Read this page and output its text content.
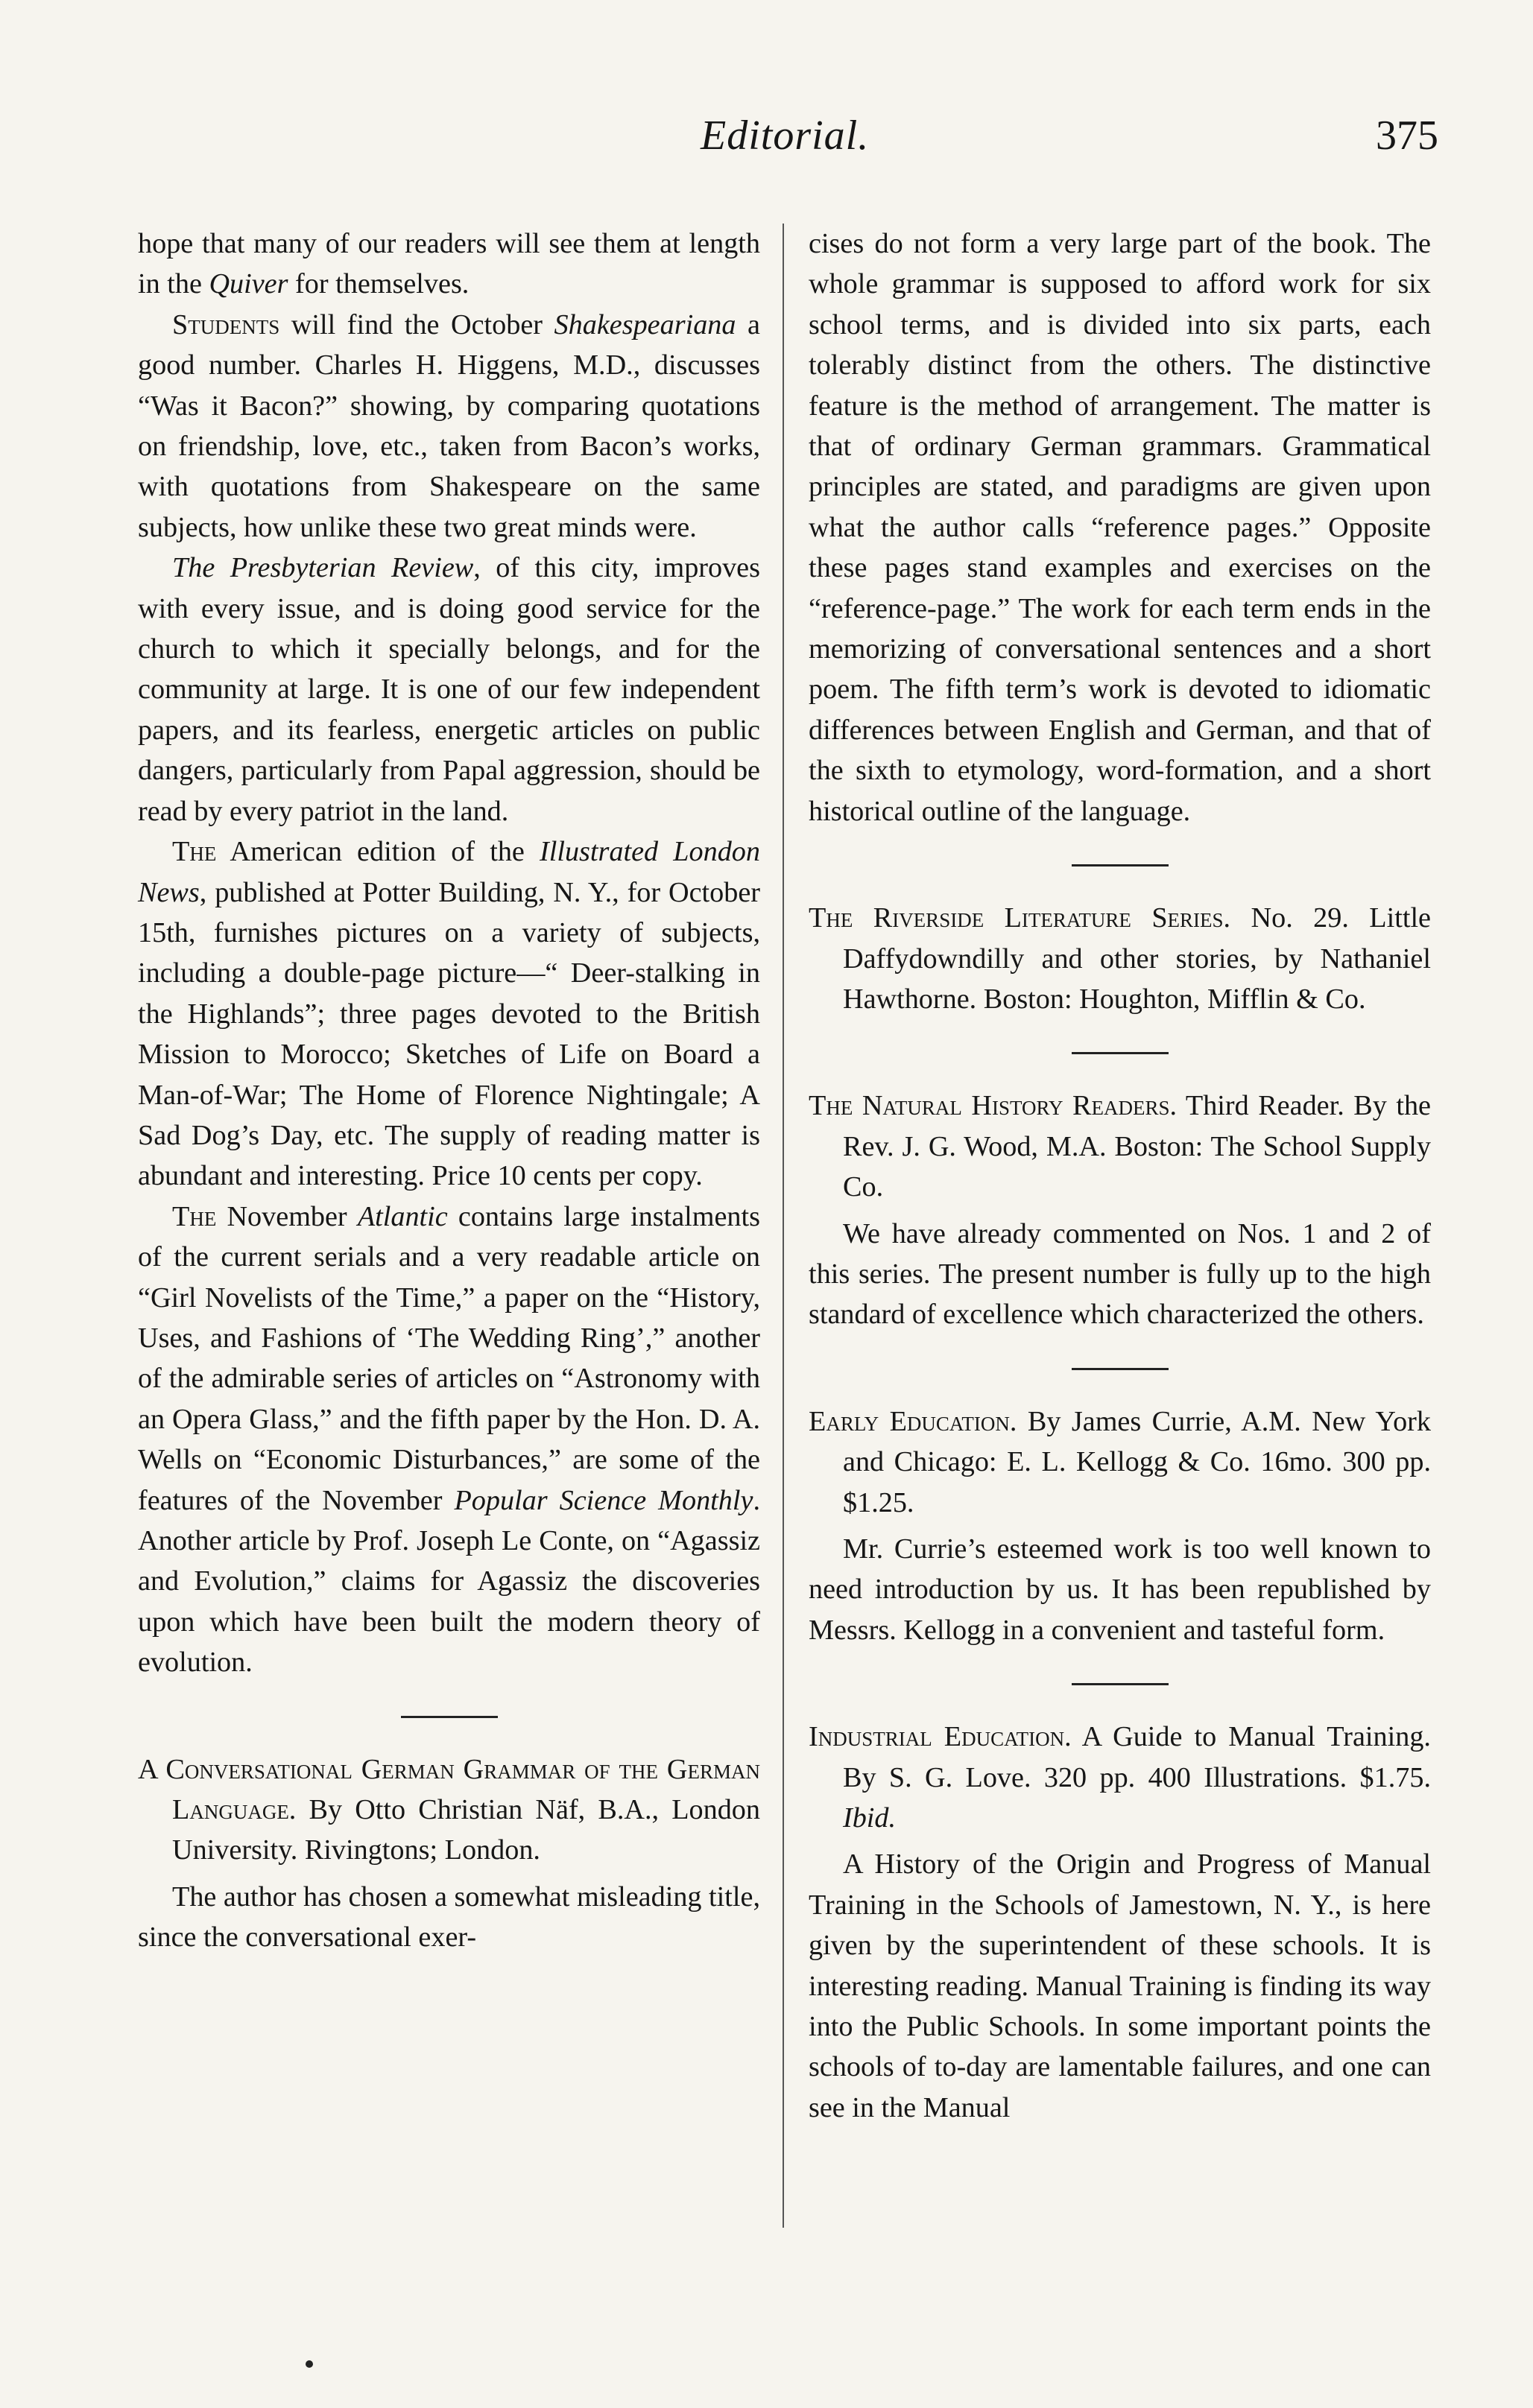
Editorial.	375

hope that many of our readers will see them at length in the Quiver for themselves.

Students will find the October Shakespeariana a good number. Charles H. Higgens, M.D., discusses “Was it Bacon?” showing, by comparing quotations on friendship, love, etc., taken from Bacon’s works, with quotations from Shakespeare on the same subjects, how unlike these two great minds were.

The Presbyterian Review, of this city, improves with every issue, and is doing good service for the church to which it specially belongs, and for the community at large. It is one of our few independent papers, and its fearless, energetic articles on public dangers, particularly from Papal aggression, should be read by every patriot in the land.

The American edition of the Illustrated London News, published at Potter Building, N. Y., for October 15th, furnishes pictures on a variety of subjects, including a double-page picture—“ Deer-stalking in the Highlands”; three pages devoted to the British Mission to Morocco; Sketches of Life on Board a Man-of-War; The Home of Florence Nightingale; A Sad Dog’s Day, etc. The supply of reading matter is abundant and interesting. Price 10 cents per copy.

The November Atlantic contains large instalments of the current serials and a very readable article on “Girl Novelists of the Time,” a paper on the “History, Uses, and Fashions of ‘The Wedding Ring’,” another of the admirable series of articles on “Astronomy with an Opera Glass,” and the fifth paper by the Hon. D. A. Wells on “Economic Disturbances,” are some of the features of the November Popular Science Monthly. Another article by Prof. Joseph Le Conte, on “Agassiz and Evolution,” claims for Agassiz the discoveries upon which have been built the modern theory of evolution.

A Conversational German Grammar of the German Language. By Otto Christian Näf, B.A., London University. Rivingtons; London.

The author has chosen a somewhat misleading title, since the conversational exer-

cises do not form a very large part of the book. The whole grammar is supposed to afford work for six school terms, and is divided into six parts, each tolerably distinct from the others. The distinctive feature is the method of arrangement. The matter is that of ordinary German grammars. Grammatical principles are stated, and paradigms are given upon what the author calls “reference pages.” Opposite these pages stand examples and exercises on the “reference-page.” The work for each term ends in the memorizing of conversational sentences and a short poem. The fifth term’s work is devoted to idiomatic differences between English and German, and that of the sixth to etymology, word-formation, and a short historical outline of the language.

The Riverside Literature Series. No. 29. Little Daffydowndilly and other stories, by Nathaniel Hawthorne. Boston: Houghton, Mifflin & Co.

The Natural History Readers. Third Reader. By the Rev. J. G. Wood, M.A. Boston: The School Supply Co.

We have already commented on Nos. 1 and 2 of this series. The present number is fully up to the high standard of excellence which characterized the others.

Early Education. By James Currie, A.M. New York and Chicago: E. L. Kellogg & Co. 16mo. 300 pp. $1.25.

Mr. Currie’s esteemed work is too well known to need introduction by us. It has been republished by Messrs. Kellogg in a convenient and tasteful form.

Industrial Education. A Guide to Manual Training. By S. G. Love. 320 pp. 400 Illustrations. $1.75. Ibid.

A History of the Origin and Progress of Manual Training in the Schools of Jamestown, N. Y., is here given by the superintendent of these schools. It is interesting reading. Manual Training is finding its way into the Public Schools. In some important points the schools of to-day are lamentable failures, and one can see in the Manual
